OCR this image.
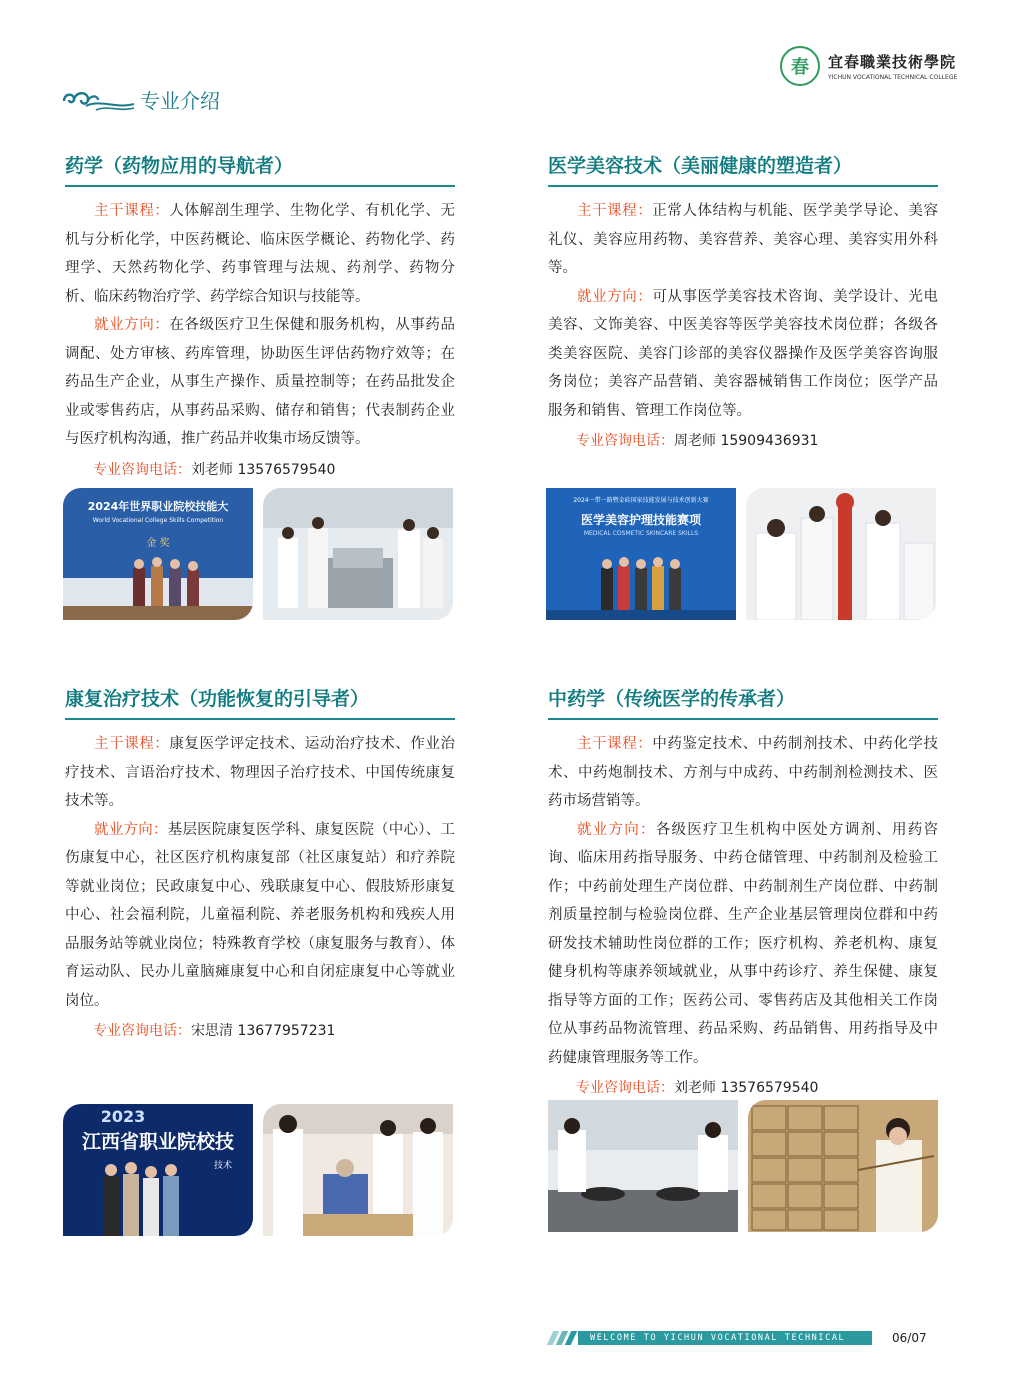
春	宜春職業技術學院
YICHUN VOCATIONAL TECHNICAL COLLEGE
专业介绍
药学（药物应用的导航者）

主干课程：人体解剖生理学、生物化学、有机化学、无机与分析化学，中医药概论、临床医学概论、药物化学、药理学、天然药物化学、药事管理与法规、药剂学、药物分析、临床药物治疗学、药学综合知识与技能等。

就业方向：在各级医疗卫生保健和服务机构，从事药品调配、处方审核、药库管理，协助医生评估药物疗效等；在药品生产企业，从事生产操作、质量控制等；在药品批发企业或零售药店，从事药品采购、储存和销售；代表制药企业与医疗机构沟通，推广药品并收集市场反馈等。

专业咨询电话：刘老师 13576579540
医学美容技术（美丽健康的塑造者）

主干课程：正常人体结构与机能、医学美学导论、美容礼仪、美容应用药物、美容营养、美容心理、美容实用外科等。

就业方向：可从事医学美容技术咨询、美学设计、光电美容、文饰美容、中医美容等医学美容技术岗位群；各级各类美容医院、美容门诊部的美容仪器操作及医学美容咨询服务岗位；美容产品营销、美容器械销售工作岗位；医学产品服务和销售、管理工作岗位等。

专业咨询电话：周老师 15909436931
康复治疗技术（功能恢复的引导者）

主干课程：康复医学评定技术、运动治疗技术、作业治疗技术、言语治疗技术、物理因子治疗技术、中国传统康复技术等。

就业方向：基层医院康复医学科、康复医院（中心）、工伤康复中心，社区医疗机构康复部（社区康复站）和疗养院等就业岗位；民政康复中心、残联康复中心、假肢矫形康复中心、社会福利院，儿童福利院、养老服务机构和残疾人用品服务站等就业岗位；特殊教育学校（康复服务与教育）、体育运动队、民办儿童脑瘫康复中心和自闭症康复中心等就业岗位。

专业咨询电话：宋思清 13677957231
中药学（传统医学的传承者）

主干课程：中药鉴定技术、中药制剂技术、中药化学技术、中药炮制技术、方剂与中成药、中药制剂检测技术、医药市场营销等。

就业方向：各级医疗卫生机构中医处方调剂、用药咨询、临床用药指导服务、中药仓储管理、中药制剂及检验工作；中药前处理生产岗位群、中药制剂生产岗位群、中药制剂质量控制与检验岗位群、生产企业基层管理岗位群和中药研发技术辅助性岗位群的工作；医疗机构、养老机构、康复健身机构等康养领域就业，从事中药诊疗、养生保健、康复指导等方面的工作；医药公司、零售药店及其他相关工作岗位从事药品物流管理、药品采购、药品销售、用药指导及中药健康管理服务等工作。

专业咨询电话：刘老师 13576579540
2024年世界职业院校技能大
World Vocational College Skills Competition
金 奖
2024一带一路暨金砖国家技能发展与技术创新大赛
医学美容护理技能赛项
MEDICAL COSMETIC SKINCARE SKILLS
2023
江西省职业院校技
技术
WELCOME TO YICHUN VOCATIONAL TECHNICAL COLLEGE
06/07
